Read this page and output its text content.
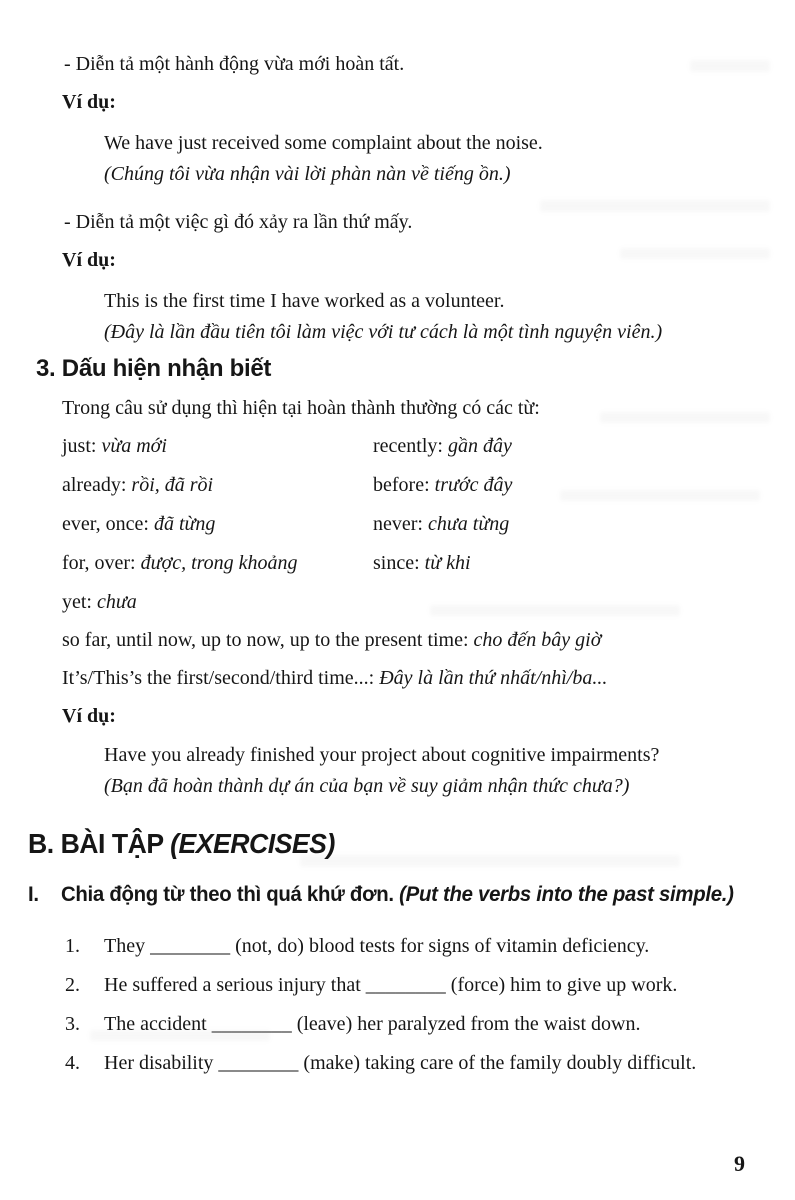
- Diễn tả một hành động vừa mới hoàn tất.

Ví dụ:

We have just received some complaint about the noise.

(Chúng tôi vừa nhận vài lời phàn nàn về tiếng ồn.)

- Diễn tả một việc gì đó xảy ra lần thứ mấy.

Ví dụ:

This is the first time I have worked as a volunteer.

(Đây là lần đầu tiên tôi làm việc với tư cách là một tình nguyện viên.)

3. Dấu hiện nhận biết

Trong câu sử dụng thì hiện tại hoàn thành thường có các từ:

just: vừa mới	recently: gần đây
already: rồi, đã rồi	before: trước đây
ever, once: đã từng	never: chưa từng
for, over: được, trong khoảng	since: từ khi

yet: chưa

so far, until now, up to now, up to the present time: cho đến bây giờ

It’s/This’s the first/second/third time...: Đây là lần thứ nhất/nhì/ba...

Ví dụ:

Have you already finished your project about cognitive impairments?

(Bạn đã hoàn thành dự án của bạn về suy giảm nhận thức chưa?)

B. BÀI TẬP (EXERCISES)
I.	Chia động từ theo thì quá khứ đơn. (Put the verbs into the past simple.)
1.	They ________ (not, do) blood tests for signs of vitamin deficiency.
2.	He suffered a serious injury that ________ (force) him to give up work.
3.	The accident ________ (leave) her paralyzed from the waist down.
4.	Her disability ________ (make) taking care of the family doubly difficult.
9
